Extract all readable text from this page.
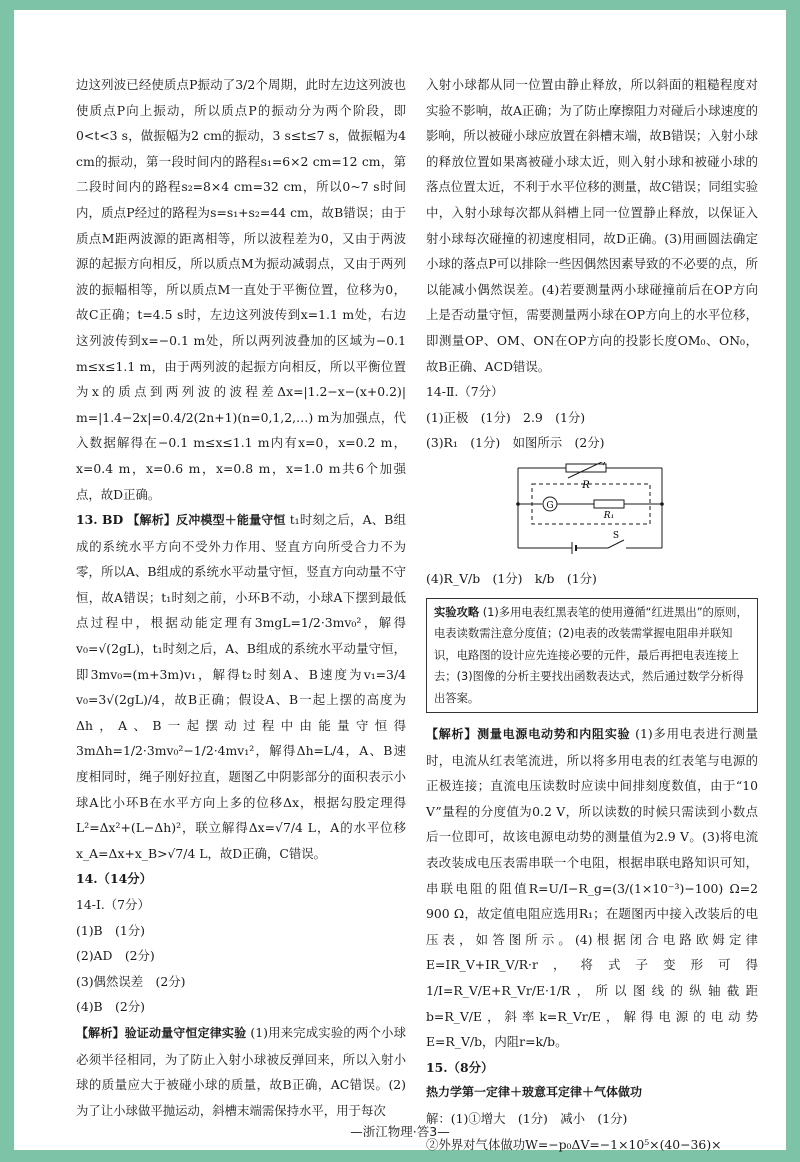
边这列波已经使质点P振动了3/2个周期，此时左边这列波也使质点P向上振动，所以质点P的振动分为两个阶段，即0<t<3 s，做振幅为2 cm的振动，3 s≤t≤7 s，做振幅为4 cm的振动，第一段时间内的路程s₁=6×2 cm=12 cm，第二段时间内的路程s₂=8×4 cm=32 cm，所以0~7 s时间内，质点P经过的路程为s=s₁+s₂=44 cm，故B错误；由于质点M距两波源的距离相等，所以波程差为0，又由于两波源的起振方向相反，所以质点M为振动减弱点，又由于两列波的振幅相等，所以质点M一直处于平衡位置，位移为0，故C正确；t=4.5 s时，左边这列波传到x=1.1 m处，右边这列波传到x=−0.1 m处，所以两列波叠加的区域为−0.1 m≤x≤1.1 m，由于两列波的起振方向相反，所以平衡位置为x的质点到两列波的波程差Δx=|1.2−x−(x+0.2)| m=|1.4−2x|=0.4/2(2n+1)(n=0,1,2,…) m为加强点，代入数据解得在−0.1 m≤x≤1.1 m内有x=0，x=0.2 m，x=0.4 m，x=0.6 m，x=0.8 m，x=1.0 m共6个加强点，故D正确。

13. BD 【解析】反冲模型＋能量守恒 t₁时刻之后，A、B组成的系统水平方向不受外力作用、竖直方向所受合力不为零，所以A、B组成的系统水平动量守恒，竖直方向动量不守恒，故A错误；t₁时刻之前，小环B不动，小球A下摆到最低点过程中，根据动能定理有3mgL=1/2·3mv₀²，解得v₀=√(2gL)，t₁时刻之后，A、B组成的系统水平动量守恒，即3mv₀=(m+3m)v₁，解得t₂时刻A、B速度为v₁=3/4 v₀=3√(2gL)/4，故B正确；假设A、B一起上摆的高度为Δh，A、B一起摆动过程中由能量守恒得3mΔh=1/2·3mv₀²−1/2·4mv₁²，解得Δh=L/4，A、B速度相同时，绳子刚好拉直，题图乙中阴影部分的面积表示小球A比小环B在水平方向上多的位移Δx，根据勾股定理得L²=Δx²+(L−Δh)²，联立解得Δx=√7/4 L，A的水平位移x_A=Δx+x_B>√7/4 L，故D正确，C错误。

14.（14分）

14-Ⅰ.（7分）

(1)B　(1分)

(2)AD　(2分)

(3)偶然误差　(2分)

(4)B　(2分)

【解析】验证动量守恒定律实验 (1)用来完成实验的两个小球必须半径相同，为了防止入射小球被反弹回来，所以入射小球的质量应大于被碰小球的质量，故B正确，AC错误。(2)为了让小球做平抛运动，斜槽末端需保持水平，用于每次

入射小球都从同一位置由静止释放，所以斜面的粗糙程度对实验不影响，故A正确；为了防止摩擦阻力对碰后小球速度的影响，所以被碰小球应放置在斜槽末端，故B错误；入射小球的释放位置如果离被碰小球太近，则入射小球和被碰小球的落点位置太近，不利于水平位移的测量，故C错误；同组实验中，入射小球每次都从斜槽上同一位置静止释放，以保证入射小球每次碰撞的初速度相同，故D正确。(3)用画圆法确定小球的落点P可以排除一些因偶然因素导致的不必要的点，所以能减小偶然误差。(4)若要测量两小球碰撞前后在OP方向上是否动量守恒，需要测量两小球在OP方向上的水平位移，即测量OP、OM、ON在OP方向的投影长度OM₀、ON₀，故B正确、ACD错误。

14-Ⅱ.（7分）

(1)正极　(1分)　2.9　(1分)

(3)R₁　(1分)　如图所示　(2分)

R
G
R₁
S

(4)R_V/b　(1分)　k/b　(1分)

实验攻略 (1)多用电表红黑表笔的使用遵循“红进黑出”的原则，电表读数需注意分度值；(2)电表的改装需掌握电阻串并联知识，电路图的设计应先连接必要的元件，最后再把电表连接上去；(3)图像的分析主要找出函数表达式，然后通过数学分析得出答案。

【解析】测量电源电动势和内阻实验 (1)多用电表进行测量时，电流从红表笔流进，所以将多用电表的红表笔与电源的正极连接；直流电压读数时应读中间排刻度数值，由于“10 V”量程的分度值为0.2 V，所以读数的时候只需读到小数点后一位即可，故该电源电动势的测量值为2.9 V。(3)将电流表改装成电压表需串联一个电阻，根据串联电路知识可知，串联电阻的阻值R=U/I−R_g=(3/(1×10⁻³)−100) Ω=2 900 Ω，故定值电阻应选用R₁；在题图丙中接入改装后的电压表，如答图所示。(4)根据闭合电路欧姆定律E=IR_V+IR_V/R·r，将式子变形可得1/I=R_V/E+R_Vr/E·1/R，所以图线的纵轴截距b=R_V/E，斜率k=R_Vr/E，解得电源的电动势E=R_V/b，内阻r=k/b。

15.（8分）

热力学第一定律＋玻意耳定律＋气体做功

解：(1)①增大　(1分)　减小　(1分)

②外界对气体做功W=−p₀ΔV=−1×10⁵×(40−36)×

—浙江物理·答3—
